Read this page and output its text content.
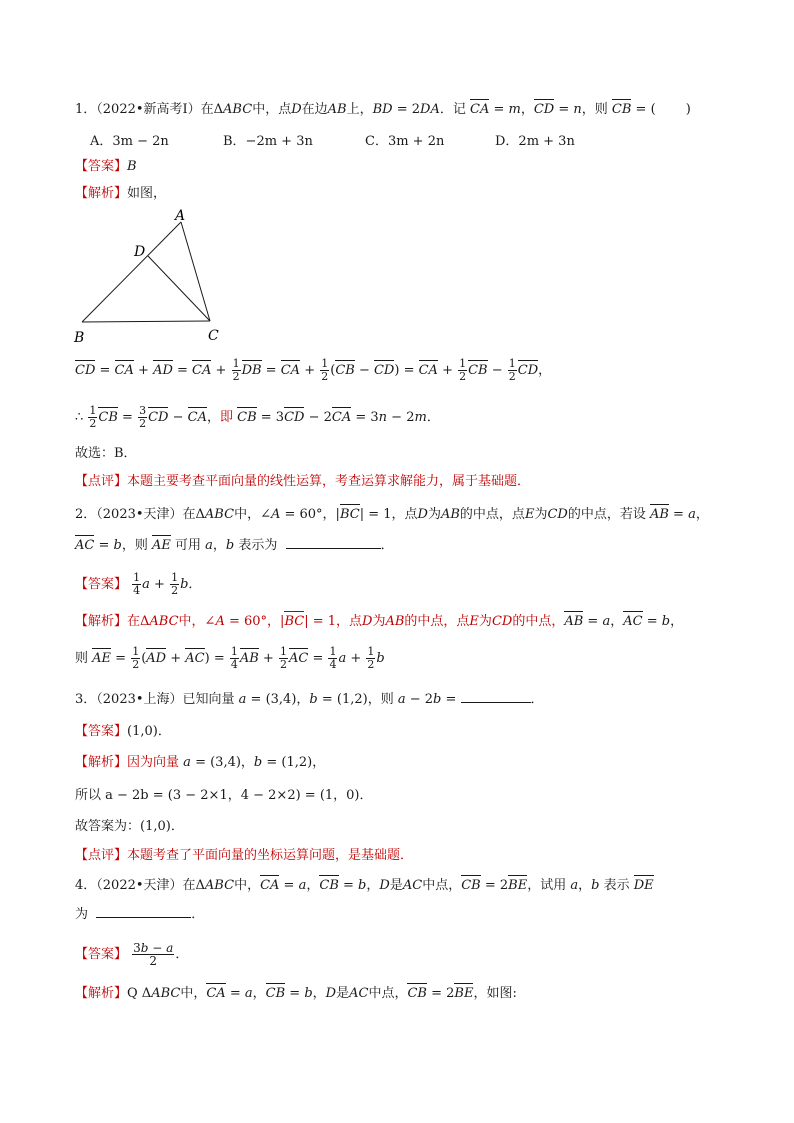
1．（2022•新高考Ⅰ）在ΔABC中，点D在边AB上，BD = 2DA．记 CA = m，CD = n，则 CB = (　　 )
A．3m − 2n	B．−2m + 3n	C．3m + 2n	D．2m + 3n
【答案】B
【解析】如图，
A
D
B	C
CD = CA + AD = CA + $\frac{1}{2}$ DB = CA + $\frac{1}{2} (CB - CD)$ = CA + $\frac{1}{2}$ CB − $\frac{1}{2}$ CD，
∴ $\frac{1}{2}$ CB = $\frac{3}{2}$ CD − CA，即 CB = 3CD − 2CA = 3n − 2m．
故选：B．
【点评】本题主要考查平面向量的线性运算，考查运算求解能力，属于基础题．
2．（2023•天津）在ΔABC中，∠A = 60°，|BC| = 1，点D为AB的中点，点E为CD的中点，若设 AB = a，
AC = b，则 AE 可用 a，b 表示为	．
【答案】 $\frac{1}{4}$ $a + \frac{1}{2}$ b．
【解析】在ΔABC中，∠A = 60°，|BC| = 1，点D为AB的中点，点E为CD的中点，AB = a，AC = b，
则 AE = $\frac{1}{2} (AD + AC) = \frac{1}{4}$ AB + $\frac{1}{2}$ AC = $\frac{1}{4}$ $a + \frac{1}{2}$ b
3．（2023•上海）已知向量 a = (3,4)，b = (1,2)，则 a − 2b =	．
【答案】(1,0)．
【解析】因为向量 a = (3,4)，b = (1,2)，
所以 a − 2b = (3 − 2×1，4 − 2×2) = (1，0)．
故答案为：(1,0)．
【点评】本题考查了平面向量的坐标运算问题，是基础题．
4．（2022•天津）在ΔABC中，CA = a，CB = b，D是AC中点，CB = 2BE，试用 a，b 表示 DE
为	．
【答案】 $\frac{3b - a}{2}$ ．
【解析】Q ΔABC中，CA = a，CB = b，D是AC中点，CB = 2BE，如图:
